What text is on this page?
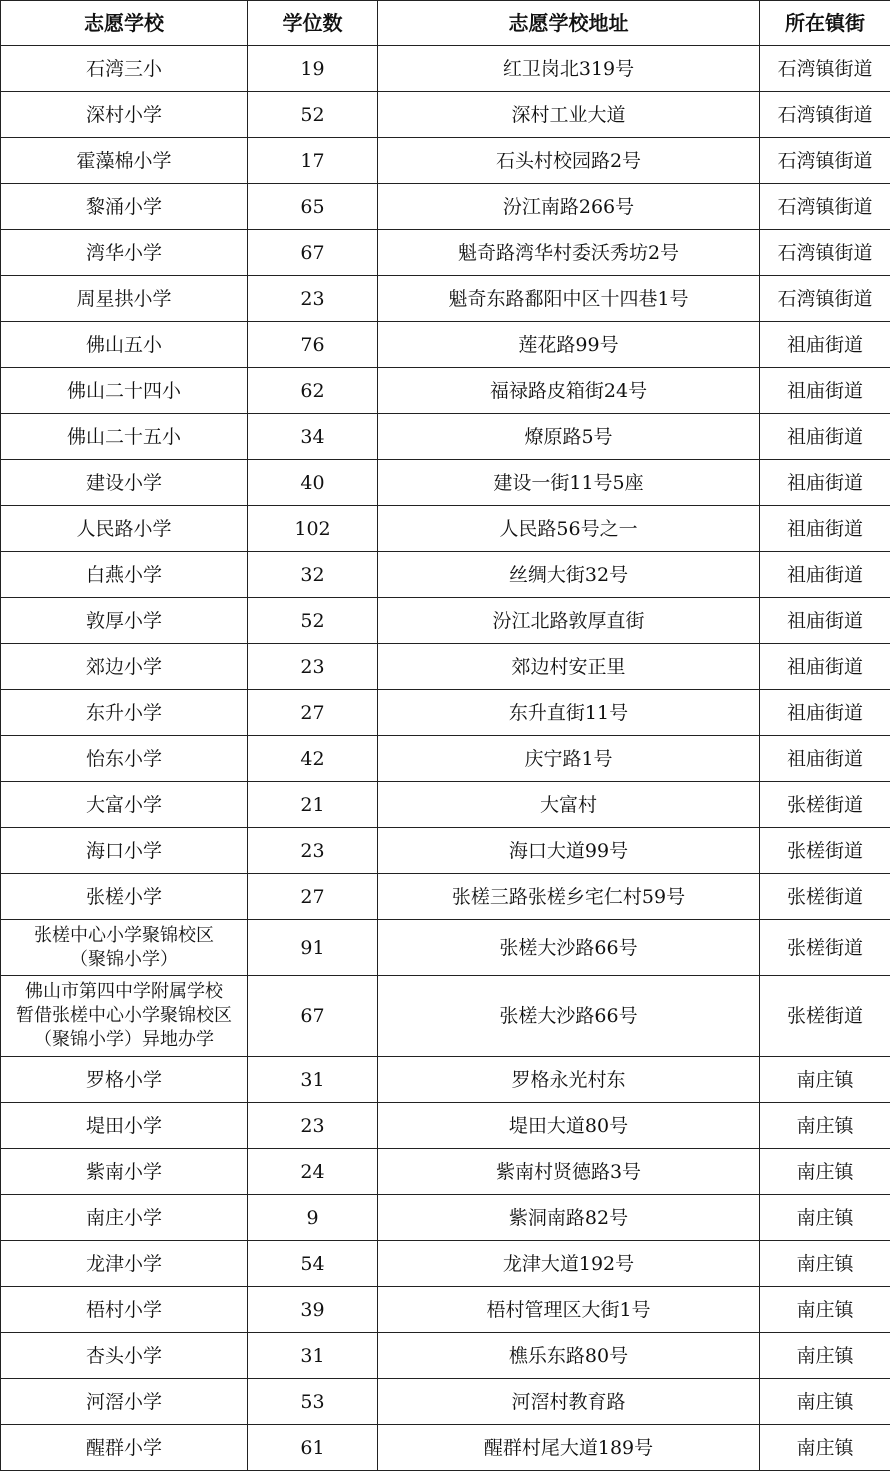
志愿学校	学位数	志愿学校地址	所在镇街
石湾三小	19	红卫岗北319号	石湾镇街道
深村小学	52	深村工业大道	石湾镇街道
霍藻棉小学	17	石头村校园路2号	石湾镇街道
黎涌小学	65	汾江南路266号	石湾镇街道
湾华小学	67	魁奇路湾华村委沃秀坊2号	石湾镇街道
周星拱小学	23	魁奇东路鄱阳中区十四巷1号	石湾镇街道
佛山五小	76	莲花路99号	祖庙街道
佛山二十四小	62	福禄路皮箱街24号	祖庙街道
佛山二十五小	34	燎原路5号	祖庙街道
建设小学	40	建设一街11号5座	祖庙街道
人民路小学	102	人民路56号之一	祖庙街道
白燕小学	32	丝绸大街32号	祖庙街道
敦厚小学	52	汾江北路敦厚直街	祖庙街道
郊边小学	23	郊边村安正里	祖庙街道
东升小学	27	东升直街11号	祖庙街道
怡东小学	42	庆宁路1号	祖庙街道
大富小学	21	大富村	张槎街道
海口小学	23	海口大道99号	张槎街道
张槎小学	27	张槎三路张槎乡宅仁村59号	张槎街道
张槎中心小学聚锦校区
（聚锦小学）	91	张槎大沙路66号	张槎街道
佛山市第四中学附属学校
暂借张槎中心小学聚锦校区
（聚锦小学）异地办学	67	张槎大沙路66号	张槎街道
罗格小学	31	罗格永光村东	南庄镇
堤田小学	23	堤田大道80号	南庄镇
紫南小学	24	紫南村贤德路3号	南庄镇
南庄小学	9	紫洞南路82号	南庄镇
龙津小学	54	龙津大道192号	南庄镇
梧村小学	39	梧村管理区大街1号	南庄镇
杏头小学	31	樵乐东路80号	南庄镇
河滘小学	53	河滘村教育路	南庄镇
醒群小学	61	醒群村尾大道189号	南庄镇
